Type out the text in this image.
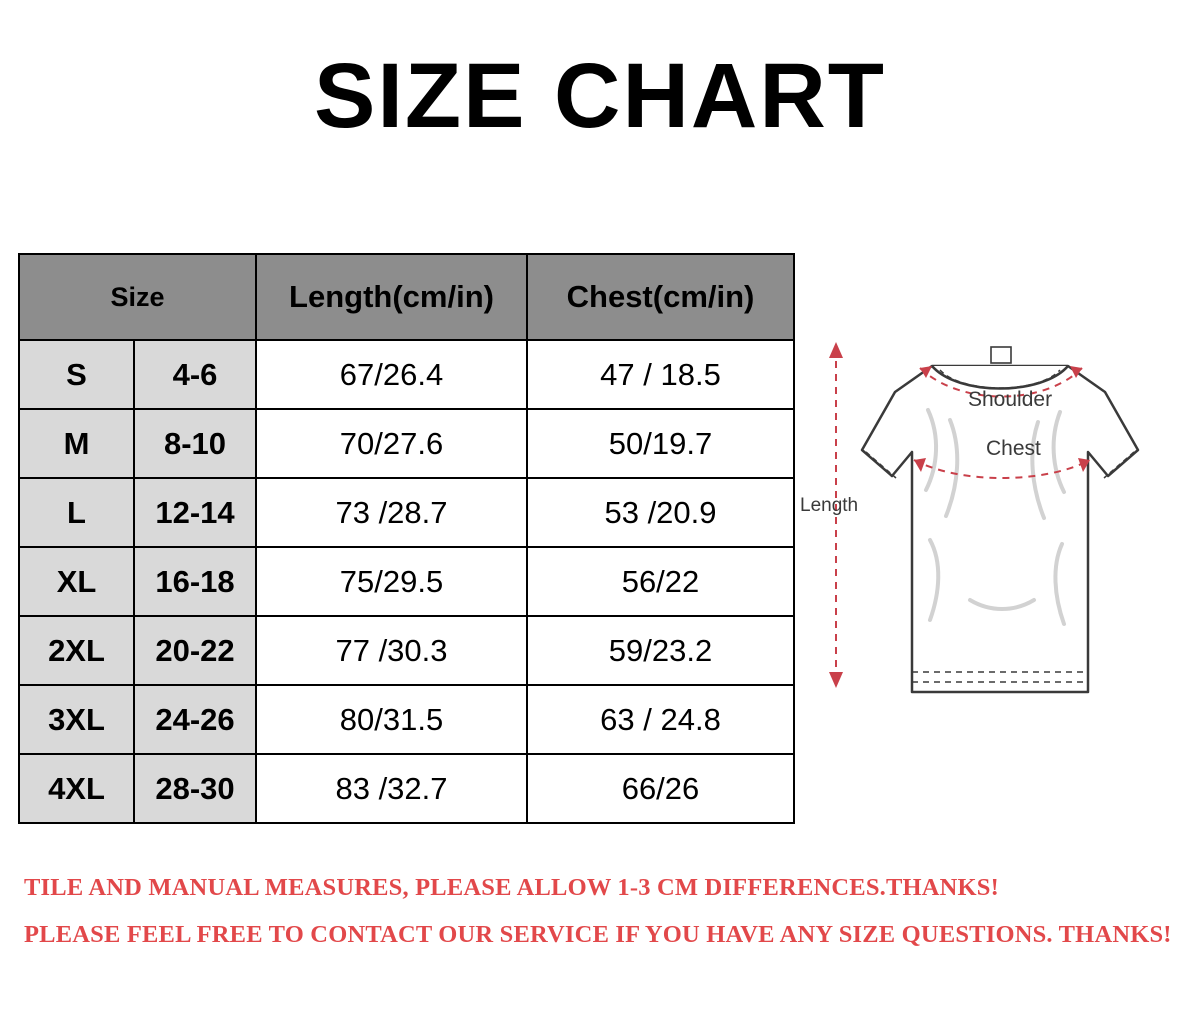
SIZE CHART
Size		Length(cm/in)	Chest(cm/in)
S	4-6	67/26.4	47 / 18.5
M	8-10	70/27.6	50/19.7
L	12-14	73 /28.7	53 /20.9
XL	16-18	75/29.5	56/22
2XL	20-22	77 /30.3	59/23.2
3XL	24-26	80/31.5	63 / 24.8
4XL	28-30	83 /32.7	66/26
Shoulder
Chest
Length
TILE AND MANUAL MEASURES, PLEASE ALLOW 1-3 CM DIFFERENCES.THANKS!
PLEASE FEEL FREE TO CONTACT OUR SERVICE IF YOU HAVE ANY SIZE QUESTIONS. THANKS!
